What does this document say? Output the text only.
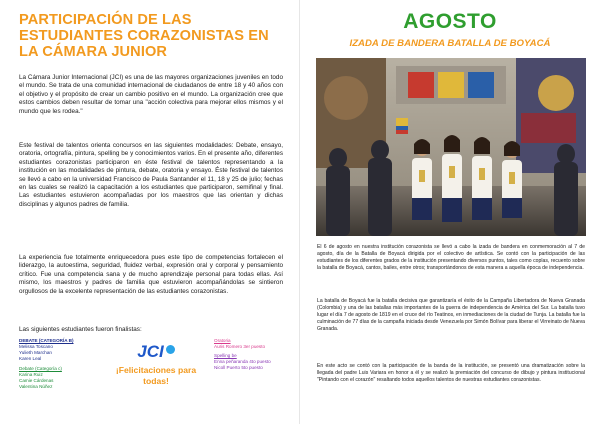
PARTICIPACIÓN DE LAS ESTUDIANTES CORAZONISTAS EN LA CÁMARA JUNIOR

La Cámara Junior Internacional (JCI) es una de las mayores organizaciones juveniles en todo el mundo. Se trata de una comunidad internacional de ciudadanos de entre 18 y 40 años con el objetivo y el propósito de crear un cambio positivo en el mundo. La organización cree que estos cambios deben resultar de tomar una "acción colectiva para mejorar ellos mismos y el mundo que les rodea."

Este festival de talentos orienta concursos en las siguientes modalidades: Debate, ensayo, oratoria, ortografía, pintura, spelling be y conocimientos varios. En el presente año, diferentes estudiantes corazonistas participaron en éste festival de talentos representando a la institución en las modalidades de pintura, debate, oratoria y ensayo. Éste festival de talentos se llevó a cabo en la universidad Francisco de Paula Santander el 11, 18 y 25 de julio; fechas en las cuales se realizó la capacitación a los estudiantes que participaron, semifinal y final. Las estudiantes estuvieron acompañadas por los maestros que las orientan y dichas disciplinas y algunos padres de familia.

La experiencia fue totalmente enriquecedora pues este tipo de competencias fortalecen el liderazgo, la autoestima, seguridad, fluidez verbal, expresión oral y corporal y pensamiento crítico. Fue una competencia sana y de mucho aprendizaje personal para todas ellas. Así mismo, los maestros y padres de familia que estuvieron acompañándolas se sintieron orgullosos de la excelente representación de las estudiantes corazonistas.

Las siguientes estudiantes fueron finalistas:

DEBATE (CATEGORÍA B)
Melissa Toscano
Yulieth Marchan
Karen Leal
Debate (Categoría c)
Karina Ruiz
Camie Cárdenas
Valentina Núñez
JCI
¡Felicitaciones para todas!
Oratoria
Auris Romero 3er puesto
Spelling be
Enna peñaranda 4to puesto
Nicoll Puerto 5to puesto
AGOSTO
IZADA DE BANDERA BATALLA DE BOYACÁ

El 6 de agosto en nuestra institución corazonista se llevó a cabo la izada de bandera en conmemoración al 7 de agosto, día de la Batalla de Boyacá dirigida por el colectivo de artística. Se contó con la participación de las estudiantes de los diferentes grados de la institución presentando diversos puntos, tales como coplas, recuento sobre la batalla de Boyacá, cantos, bailes, entre otros; transportándonos de esta manera a aquella época de independencia.

La batalla de Boyacá fue la batalla decisiva que garantizaría el éxito de la Campaña Libertadora de Nueva Granada (Colombia) y una de las batallas más importantes de la guerra de independencia de América del Sur. La batalla tuvo lugar el día 7 de agosto de 1819 en el cruce del río Teatinos, en inmediaciones de la ciudad de Tunja. La batalla fue la culminación de 77 días de la campaña iniciada desde Venezuela por Simón Bolívar para liberar el Virreinato de Nueva Granada.

En este acto se contó con la participación de la banda de la institución, se presentó una dramatización sobre la llegada del padre Luis Variara en honor a él y se realizó la premiación del concurso de dibujo y pintura institucional "Pintando con el corazón" resaltando todos aquellos talentos de nuestras estudiantes corazonistas.
